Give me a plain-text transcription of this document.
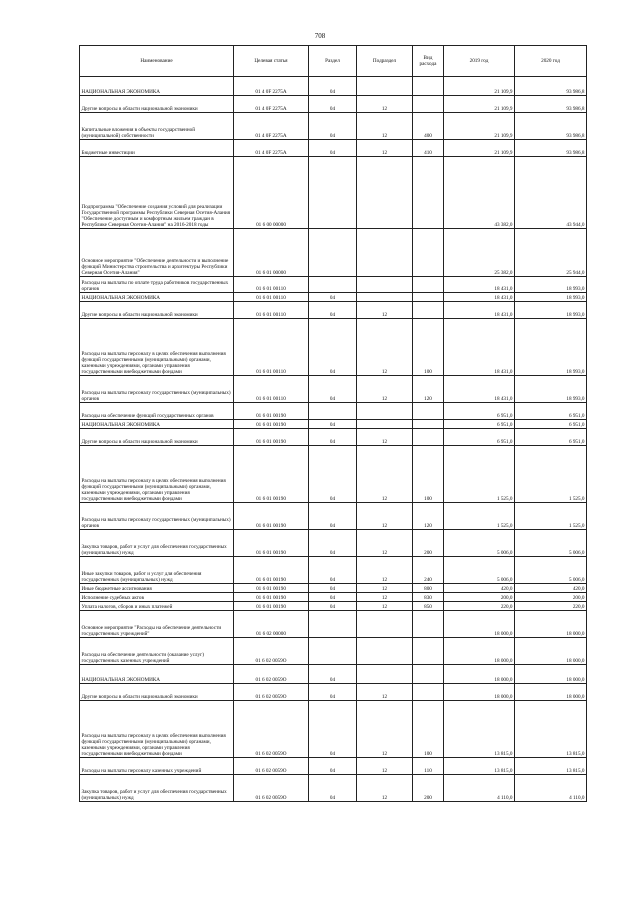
708
Наименование	Целевая статья	Раздел	Подраздел	Вид расхода	2019 год	2020 год
НАЦИОНАЛЬНАЯ ЭКОНОМИКА	01 4 0F 2275A	04			21 109,9	93 986,8
Другие вопросы в области национальной экономики	01 4 0F 2275A	04	12		21 109,9	93 986,8
Капитальные вложения в объекты государственной (муниципальной) собственности	01 4 0F 2275A	04	12	400	21 109,9	93 986,8
Бюджетные инвестиции	01 4 0F 2275A	04	12	410	21 109,9	93 986,8
Подпрограмма "Обеспечение создания условий для реализации Государственной программы Республики Северная Осетия-Алания "Обеспечение доступным и комфортным жильем граждан в Республике Северная Осетия-Алания" на 2016-2018 годы	01 6 00 00000				43 382,0	43 944,0
Основное мероприятие "Обеспечение деятельности и выполнение функций Министерства строительства и архитектуры Республики Северная Осетия-Алания"	01 6 01 00000				25 382,0	25 944,0
Расходы на выплаты по оплате труда работников государственных органов	01 6 01 00110				18 431,0	18 993,0
НАЦИОНАЛЬНАЯ ЭКОНОМИКА	01 6 01 00110	04			18 431,0	18 993,0
Другие вопросы в области национальной экономики	01 6 01 00110	04	12		18 431,0	18 993,0
Расходы на выплаты персоналу в целях обеспечения выполнения функций государственными (муниципальными) органами, казенными учреждениями, органами управления государственными внебюджетными фондами	01 6 01 00110	04	12	100	18 431,0	18 993,0
Расходы на выплаты персоналу государственных (муниципальных) органов	01 6 01 00110	04	12	120	18 431,0	18 993,0
Расходы на обеспечение функций государственных органов	01 6 01 00190				6 951,0	6 951,0
НАЦИОНАЛЬНАЯ ЭКОНОМИКА	01 6 01 00190	04			6 951,0	6 951,0
Другие вопросы в области национальной экономики	01 6 01 00190	04	12		6 951,0	6 951,0
Расходы на выплаты персоналу в целях обеспечения выполнения функций государственными (муниципальными) органами, казенными учреждениями, органами управления государственными внебюджетными фондами	01 6 01 00190	04	12	100	1 525,0	1 525,0
Расходы на выплаты персоналу государственных (муниципальных) органов	01 6 01 00190	04	12	120	1 525,0	1 525,0
Закупка товаров, работ и услуг для обеспечения государственных (муниципальных) нужд	01 6 01 00190	04	12	200	5 006,0	5 006,0
Иные закупки товаров, работ и услуг для обеспечения государственных (муниципальных) нужд	01 6 01 00190	04	12	240	5 006,0	5 006,0
Иные бюджетные ассигнования	01 6 01 00190	04	12	800	420,0	420,0
Исполнение судебных актов	01 6 01 00190	04	12	830	200,0	200,0
Уплата налогов, сборов и иных платежей	01 6 01 00190	04	12	850	220,0	220,0
Основное мероприятие "Расходы на обеспечение деятельности государственных учреждений"	01 6 02 00000				18 000,0	18 000,0
Расходы на обеспечение деятельности (оказание услуг) государственных казенных учреждений	01 6 02 0059О				18 000,0	18 000,0
НАЦИОНАЛЬНАЯ ЭКОНОМИКА	01 6 02 0059О	04			18 000,0	18 000,0
Другие вопросы в области национальной экономики	01 6 02 0059О	04	12		18 000,0	18 000,0
Расходы на выплаты персоналу в целях обеспечения выполнения функций государственными (муниципальными) органами, казенными учреждениями, органами управления государственными внебюджетными фондами	01 6 02 0059О	04	12	100	13 815,0	13 815,0
Расходы на выплаты персоналу казенных учреждений	01 6 02 0059О	04	12	110	13 815,0	13 815,0
Закупка товаров, работ и услуг для обеспечения государственных (муниципальных) нужд	01 6 02 0059О	04	12	200	4 110,0	4 110,0
